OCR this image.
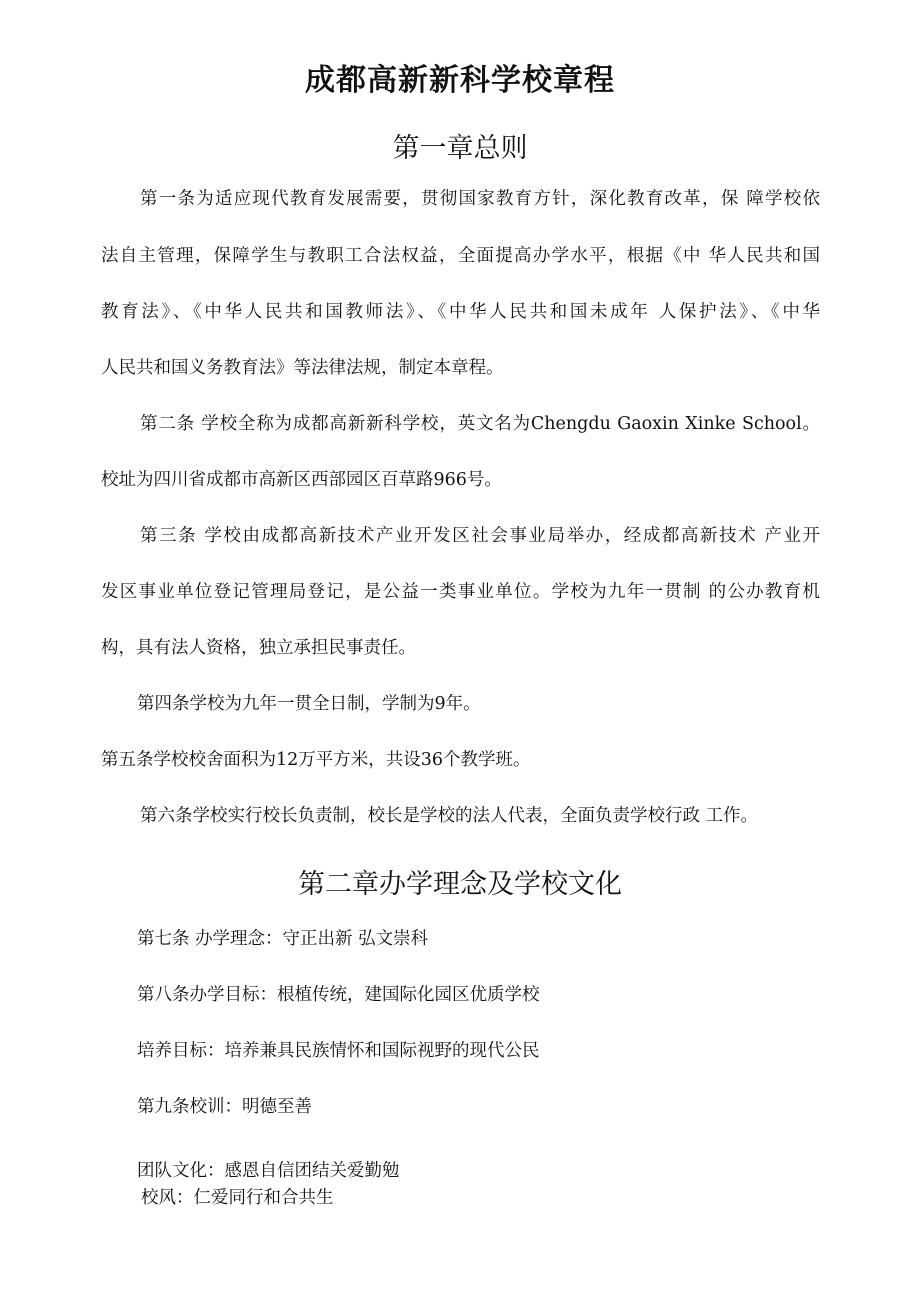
成都高新新科学校章程
第一章总则

第一条为适应现代教育发展需要，贯彻国家教育方针，深化教育改革，保 障学校依

法自主管理，保障学生与教职工合法权益，全面提高办学水平，根据《中 华人民共和国

教育法》、《中华人民共和国教师法》、《中华人民共和国未成年 人保护法》、《中华

人民共和国义务教育法》等法律法规，制定本章程。

第二条 学校全称为成都高新新科学校，英文名为Chengdu Gaoxin Xinke School。

校址为四川省成都市高新区西部园区百草路966号。

第三条 学校由成都高新技术产业开发区社会事业局举办，经成都高新技术 产业开

发区事业单位登记管理局登记，是公益一类事业单位。学校为九年一贯制 的公办教育机

构，具有法人资格，独立承担民事责任。

第四条学校为九年一贯全日制，学制为9年。

第五条学校校舍面积为12万平方米，共设36个教学班。

第六条学校实行校长负责制，校长是学校的法人代表，全面负责学校行政 工作。

第二章办学理念及学校文化

第七条 办学理念：守正出新 弘文崇科

第八条办学目标：根植传统，建国际化园区优质学校

培养目标：培养兼具民族情怀和国际视野的现代公民

第九条校训：明德至善

团队文化：感恩自信团结关爱勤勉

校风：仁爱同行和合共生
